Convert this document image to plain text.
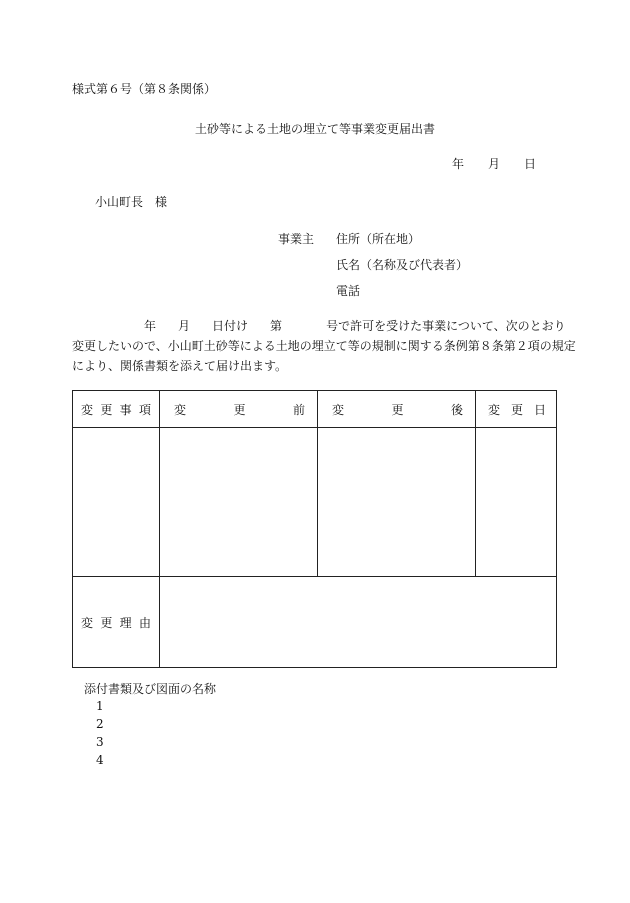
様式第６号（第８条関係）
土砂等による土地の埋立て等事業変更届出書
年 月 日
小山町長　様
事業主 住所（所在地）
氏名（名称及び代表者）
電話
年 月 日付け 第	号で許可を受けた事業について、次のとおり
変更したいので、小山町土砂等による土地の埋立て等の規制に関する条例第８条第２項の規定
により、関係書類を添えて届け出ます。
変 更 事 項	変 更 前	変 更 後	変 更 日

変 更 理 由			

添付書類及び図面の名称
1
2
3
4
